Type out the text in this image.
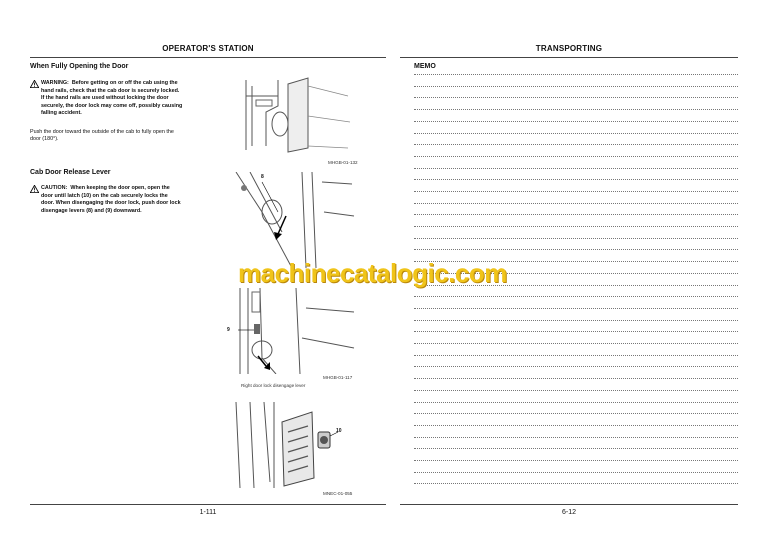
OPERATOR'S STATION
When Fully Opening the Door
WARNING: Before getting on or off the cab using the
hand rails, check that the cab door is securely locked.
If the hand rails are used without locking the door
securely, the door lock may come off, possibly causing
falling accident.
Push the door toward the outside of the cab to fully open the
door (180°).
MHGB-01-132
Cab Door Release Lever
CAUTION: When keeping the door open, open the
door until latch (10) on the cab securely locks the
door. When disengaging the door lock, push door lock
disengage levers (8) and (9) downward.
8
9
MHGB-01-117
Right door lock disengage lever
10
MNEC-01-055
1-111
TRANSPORTING
MEMO
6-12
machinecatalogic.com
